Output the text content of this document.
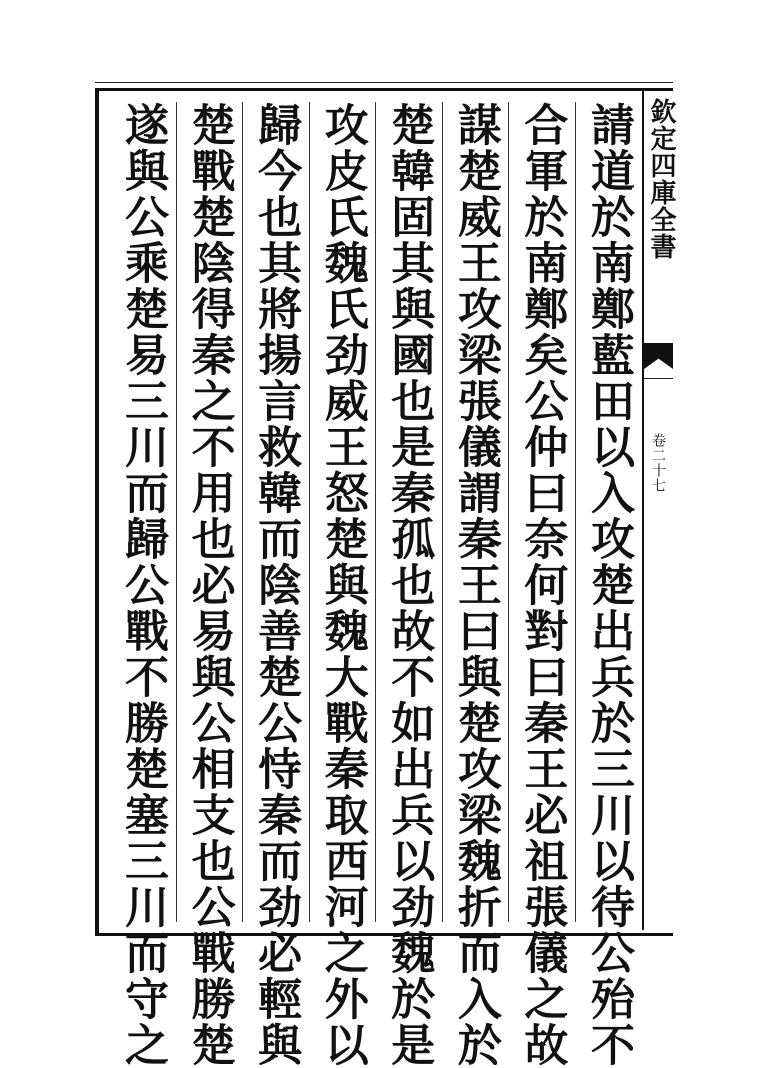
請道於南鄭藍田以入攻楚出兵於三川以待公殆不
合軍於南鄭矣公仲曰奈何對曰秦王必祖張儀之故
謀楚威王攻梁張儀謂秦王曰與楚攻梁魏折而入於
楚韓固其與國也是秦孤也故不如出兵以劲魏於是
攻皮氏魏氏劲威王怒楚與魏大戰秦取西河之外以
歸今也其將揚言救韓而陰善楚公恃秦而劲必輕與
楚戰楚陰得秦之不用也必易與公相支也公戰勝楚
遂與公乘楚易三川而歸公戰不勝楚塞三川而守之	欽定四庫全書
卷二十七
